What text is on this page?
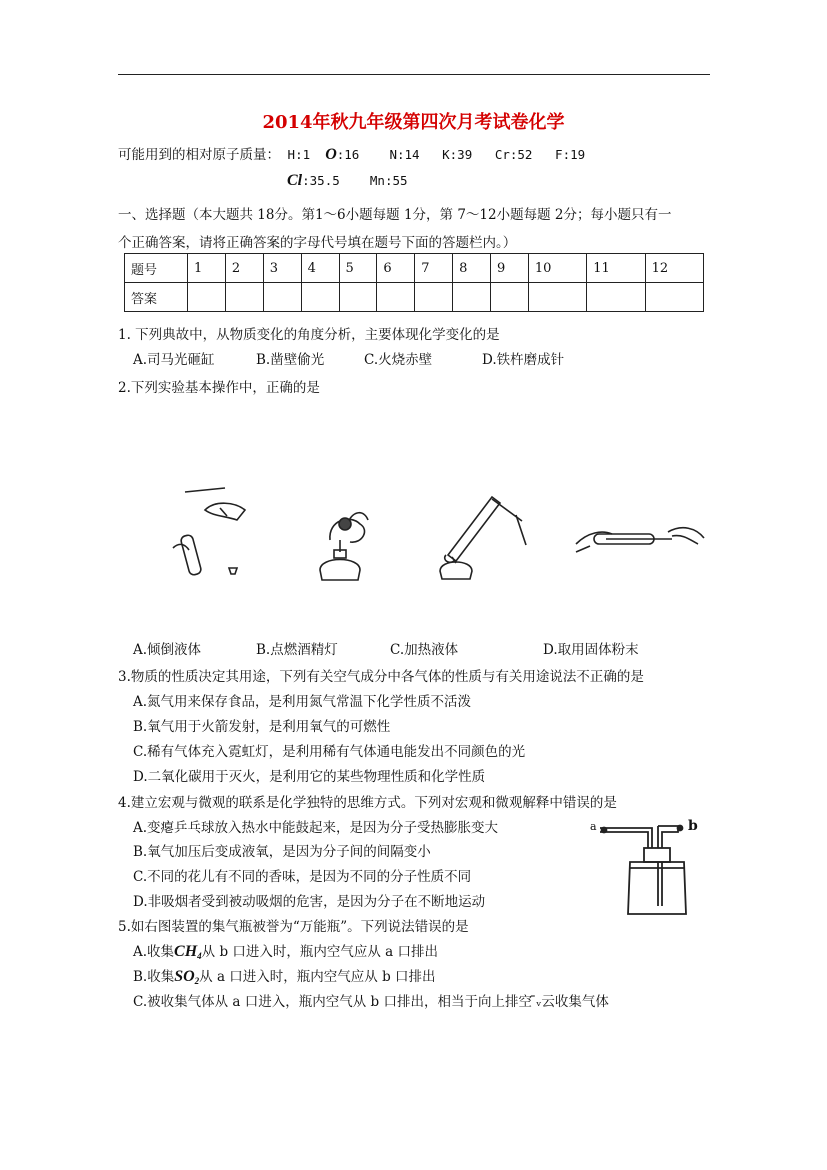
2014年秋九年级第四次月考试卷化学
可能用到的相对原子质量： H:1 O:16 N:14 K:39 Cr:52 F:19
Cl:35.5 Mn:55
一、选择题（本大题共 18分。第1～6小题每题 1分，第 7～12小题每题 2分；每小题只有一
个正确答案，请将正确答案的字母代号填在题号下面的答题栏内。）
题号	1	2	3	4	5	6	7	8	9	10	11	12
答案												
1. 下列典故中，从物质变化的角度分析，主要体现化学变化的是
A.司马光砸缸	B.凿壁偷光	C.火烧赤壁	D.铁杵磨成针
2.下列实验基本操作中，正确的是
A.倾倒液体	B.点燃酒精灯	C.加热液体	D.取用固体粉末
3.物质的性质决定其用途，下列有关空气成分中各气体的性质与有关用途说法不正确的是
A.氮气用来保存食品，是利用氮气常温下化学性质不活泼
B.氧气用于火箭发射，是利用氧气的可燃性
C.稀有气体充入霓虹灯，是利用稀有气体通电能发出不同颜色的光
D.二氧化碳用于灭火，是利用它的某些物理性质和化学性质
4.建立宏观与微观的联系是化学独特的思维方式。下列对宏观和微观解释中错误的是
A.变瘪乒乓球放入热水中能鼓起来，是因为分子受热膨胀变大
B.氧气加压后变成液氧，是因为分子间的间隔变小
C.不同的花儿有不同的香味，是因为不同的分子性质不同
D.非吸烟者受到被动吸烟的危害，是因为分子在不断地运动
a	b
5.如右图装置的集气瓶被誉为“万能瓶”。下列说法错误的是
A.收集$CH_4$从 b 口进入时，瓶内空气应从 a 口排出
B.收集$SO_2$从 a 口进入时，瓶内空气应从 b 口排出
C.被收集气体从 a 口进入，瓶内空气从 b 口排出，相当于向上排空 ̄ᵥ云收集气体
